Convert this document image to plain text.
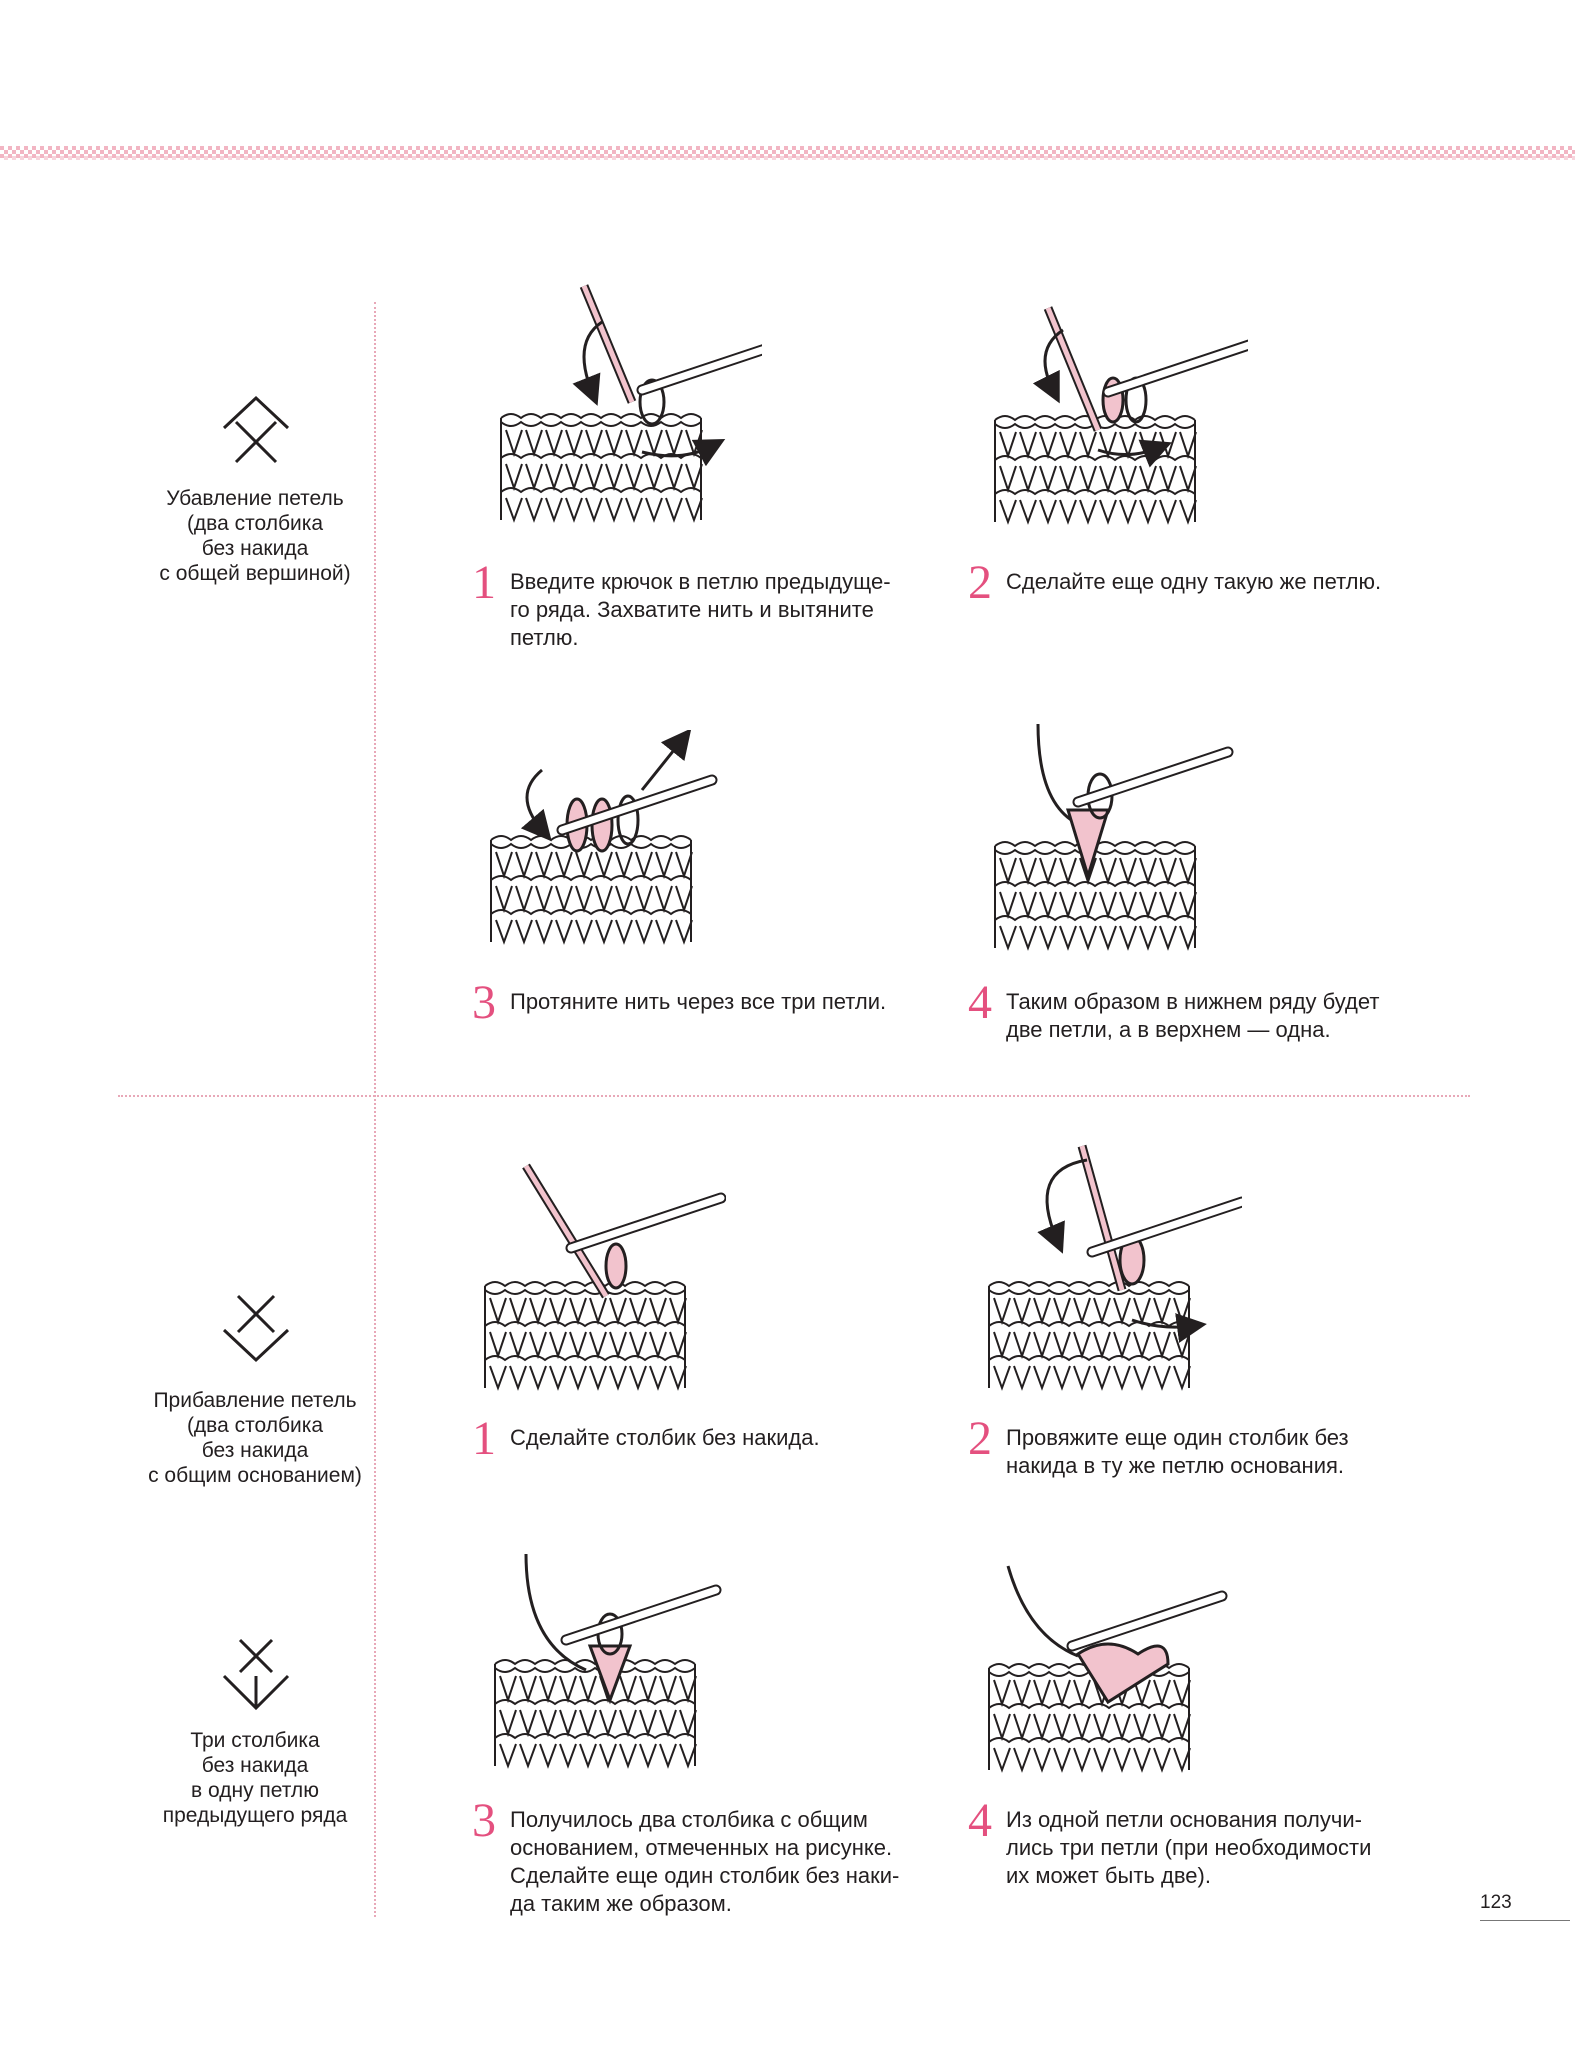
Убавление петель
(два столбика
без накида
с общей вершиной)
Прибавление петель
(два столбика
без накида
с общим основанием)
Три столбика
без накида
в одну петлю
предыдущего ряда
1 Введите крючок в петлю предыдуще-
го ряда. Захватите нить и вытяните
петлю.
2 Сделайте еще одну такую же петлю.
3 Протяните нить через все три петли. 4 Таким образом в нижнем ряду будет
две петли, а в верхнем — одна.
1 Сделайте столбик без накида.	2 Провяжите еще один столбик без
накида в ту же петлю основания.
3 Получилось два столбика с общим
основанием, отмеченных на рисунке.
Сделайте еще один столбик без наки-
да таким же образом.
4 Из одной петли основания получи-
лись три петли (при необходимости
их может быть две).
123
